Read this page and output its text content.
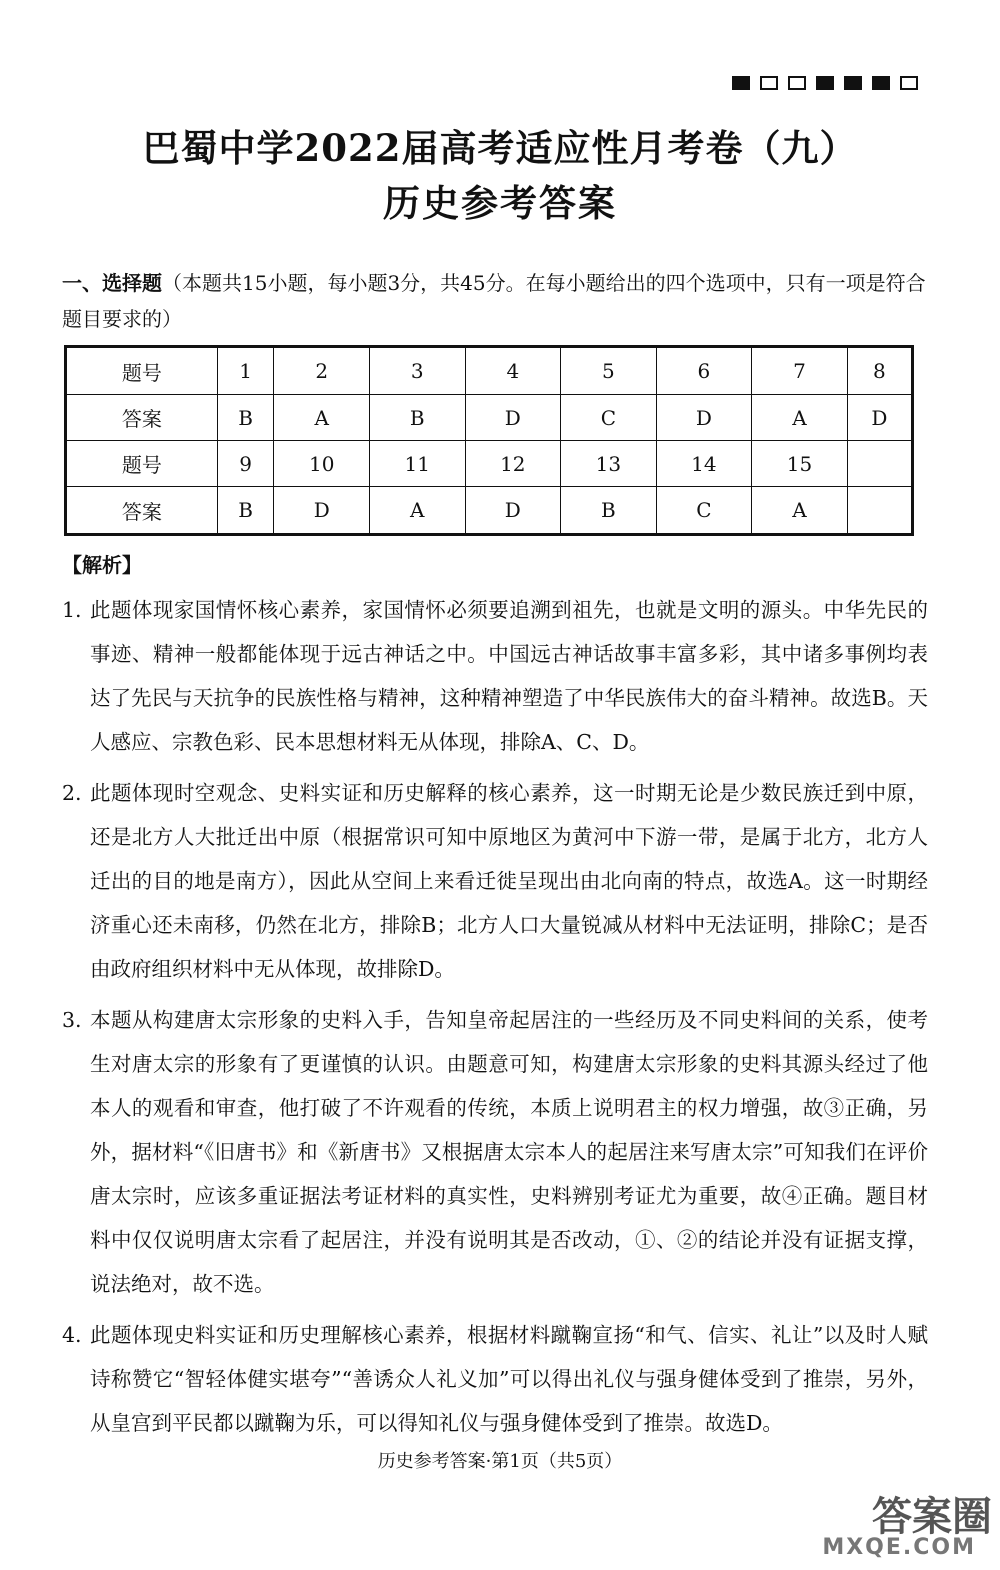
巴蜀中学2022届高考适应性月考卷（九）
历史参考答案
一、选择题（本题共15小题，每小题3分，共45分。在每小题给出的四个选项中，只有一项是符合题目要求的）
题号	1	2	3	4	5	6	7	8
答案	B	A	B	D	C	D	A	D
题号	9	10	11	12	13	14	15	
答案	B	D	A	D	B	C	A	
【解析】
1. 此题体现家国情怀核心素养，家国情怀必须要追溯到祖先，也就是文明的源头。中华先民的事迹、精神一般都能体现于远古神话之中。中国远古神话故事丰富多彩，其中诸多事例均表达了先民与天抗争的民族性格与精神，这种精神塑造了中华民族伟大的奋斗精神。故选B。天人感应、宗教色彩、民本思想材料无从体现，排除A、C、D。
2. 此题体现时空观念、史料实证和历史解释的核心素养，这一时期无论是少数民族迁到中原，还是北方人大批迁出中原（根据常识可知中原地区为黄河中下游一带，是属于北方，北方人迁出的目的地是南方），因此从空间上来看迁徙呈现出由北向南的特点，故选A。这一时期经济重心还未南移，仍然在北方，排除B；北方人口大量锐减从材料中无法证明，排除C；是否由政府组织材料中无从体现，故排除D。
3. 本题从构建唐太宗形象的史料入手，告知皇帝起居注的一些经历及不同史料间的关系，使考生对唐太宗的形象有了更谨慎的认识。由题意可知，构建唐太宗形象的史料其源头经过了他本人的观看和审查，他打破了不许观看的传统，本质上说明君主的权力增强，故③正确，另外，据材料“《旧唐书》和《新唐书》又根据唐太宗本人的起居注来写唐太宗”可知我们在评价唐太宗时，应该多重证据法考证材料的真实性，史料辨别考证尤为重要，故④正确。题目材料中仅仅说明唐太宗看了起居注，并没有说明其是否改动，①、②的结论并没有证据支撑，说法绝对，故不选。
4. 此题体现史料实证和历史理解核心素养，根据材料蹴鞠宣扬“和气、信实、礼让”以及时人赋诗称赞它“智轻体健实堪夸”“善诱众人礼义加”可以得出礼仪与强身健体受到了推崇，另外，从皇宫到平民都以蹴鞠为乐，可以得知礼仪与强身健体受到了推崇。故选D。
历史参考答案·第1页（共5页）
答案圈
MXQE.COM
